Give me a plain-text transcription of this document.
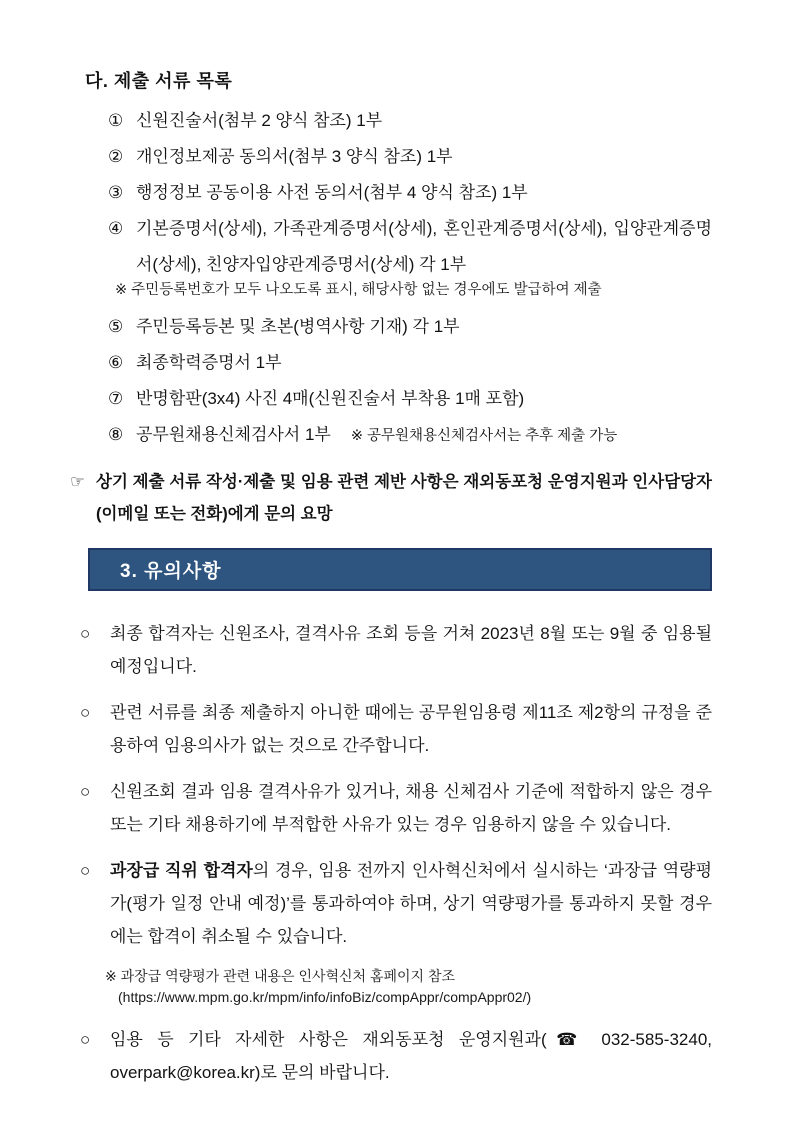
다. 제출 서류 목록
① 신원진술서(첨부 2 양식 참조) 1부
② 개인정보제공 동의서(첨부 3 양식 참조) 1부
③ 행정정보 공동이용 사전 동의서(첨부 4 양식 참조) 1부
④ 기본증명서(상세), 가족관계증명서(상세), 혼인관계증명서(상세), 입양관계증명서(상세), 친양자입양관계증명서(상세) 각 1부
※ 주민등록번호가 모두 나오도록 표시, 해당사항 없는 경우에도 발급하여 제출
⑤ 주민등록등본 및 초본(병역사항 기재) 각 1부
⑥ 최종학력증명서 1부
⑦ 반명함판(3x4) 사진 4매(신원진술서 부착용 1매 포함)
⑧ 공무원채용신체검사서 1부 ※ 공무원채용신체검사서는 추후 제출 가능
☞ 상기 제출 서류 작성·제출 및 임용 관련 제반 사항은 재외동포청 운영지원과 인사담당자(이메일 또는 전화)에게 문의 요망
3. 유의사항
○	최종 합격자는 신원조사, 결격사유 조회 등을 거쳐 2023년 8월 또는 9월 중 임용될 예정입니다.
○	관련 서류를 최종 제출하지 아니한 때에는 공무원임용령 제11조 제2항의 규정을 준용하여 임용의사가 없는 것으로 간주합니다.
○	신원조회 결과 임용 결격사유가 있거나, 채용 신체검사 기준에 적합하지 않은 경우 또는 기타 채용하기에 부적합한 사유가 있는 경우 임용하지 않을 수 있습니다.
○	과장급 직위 합격자의 경우, 임용 전까지 인사혁신처에서 실시하는 ‘과장급 역량평가(평가 일정 안내 예정)’를 통과하여야 하며, 상기 역량평가를 통과하지 못할 경우에는 합격이 취소될 수 있습니다.
※ 과장급 역량평가 관련 내용은 인사혁신처 홈페이지 참조
(https://www.mpm.go.kr/mpm/info/infoBiz/compAppr/compAppr02/)
○	임용 등 기타 자세한 사항은 재외동포청 운영지원과(☎ 032-585-3240, overpark@korea.kr)로 문의 바랍니다.
